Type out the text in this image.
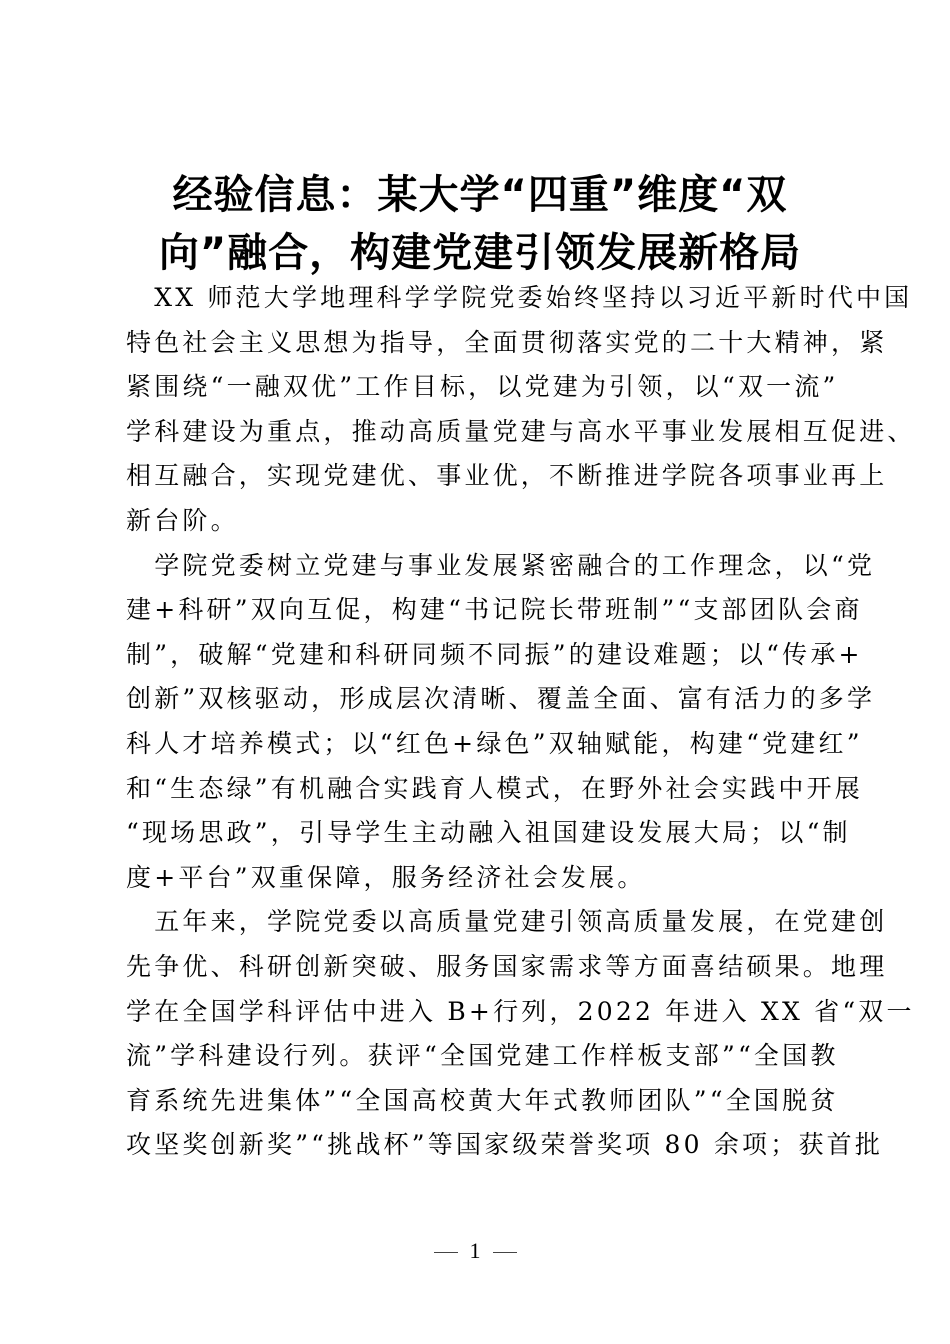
经验信息：某大学“四重”维度“双
向”融合，构建党建引领发展新格局
　XX 师范大学地理科学学院党委始终坚持以习近平新时代中国
特色社会主义思想为指导，全面贯彻落实党的二十大精神，紧
紧围绕“一融双优”工作目标，以党建为引领，以“双一流”
学科建设为重点，推动高质量党建与高水平事业发展相互促进、
相互融合，实现党建优、事业优，不断推进学院各项事业再上
新台阶。
　学院党委树立党建与事业发展紧密融合的工作理念，以“党
建+科研”双向互促，构建“书记院长带班制”“支部团队会商
制”，破解“党建和科研同频不同振”的建设难题；以“传承+
创新”双核驱动，形成层次清晰、覆盖全面、富有活力的多学
科人才培养模式；以“红色+绿色”双轴赋能，构建“党建红”
和“生态绿”有机融合实践育人模式，在野外社会实践中开展
“现场思政”，引导学生主动融入祖国建设发展大局；以“制
度+平台”双重保障，服务经济社会发展。
　五年来，学院党委以高质量党建引领高质量发展，在党建创
先争优、科研创新突破、服务国家需求等方面喜结硕果。地理
学在全国学科评估中进入 B+行列，2022 年进入 XX 省“双一
流”学科建设行列。获评“全国党建工作样板支部”“全国教
育系统先进集体”“全国高校黄大年式教师团队”“全国脱贫
攻坚奖创新奖”“挑战杯”等国家级荣誉奖项 80 余项；获首批
1
